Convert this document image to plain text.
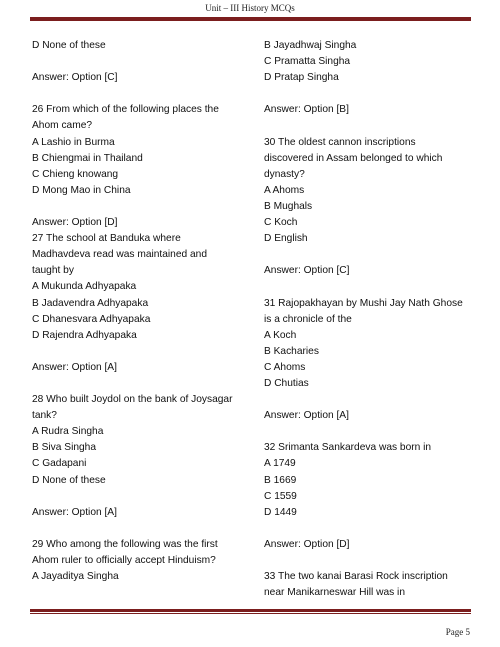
Unit – III History MCQs
D None of these
Answer: Option [C]
26 From which of the following places the
Ahom came?
A Lashio in Burma
B Chiengmai in Thailand
C Chieng knowang
D Mong Mao in China
Answer: Option [D]
27 The school at Banduka where
Madhavdeva read was maintained and
taught by
A Mukunda Adhyapaka
B Jadavendra Adhyapaka
C Dhanesvara Adhyapaka
D Rajendra Adhyapaka
Answer: Option [A]
28 Who built Joydol on the bank of Joysagar
tank?
A Rudra Singha
B Siva Singha
C Gadapani
D None of these
Answer: Option [A]
29 Who among the following was the first
Ahom ruler to officially accept Hinduism?
A Jayaditya Singha
B Jayadhwaj Singha
C Pramatta Singha
D Pratap Singha
Answer: Option [B]
30 The oldest cannon inscriptions
discovered in Assam belonged to which
dynasty?
A Ahoms
B Mughals
C Koch
D English
Answer: Option [C]
31 Rajopakhayan by Mushi Jay Nath Ghose
is a chronicle of the
A Koch
B Kacharies
C Ahoms
D Chutias
Answer: Option [A]
32 Srimanta Sankardeva was born in
A 1749
B 1669
C 1559
D 1449
Answer: Option [D]
33 The two kanai Barasi Rock inscription
near Manikarneswar Hill was in
Page 5
